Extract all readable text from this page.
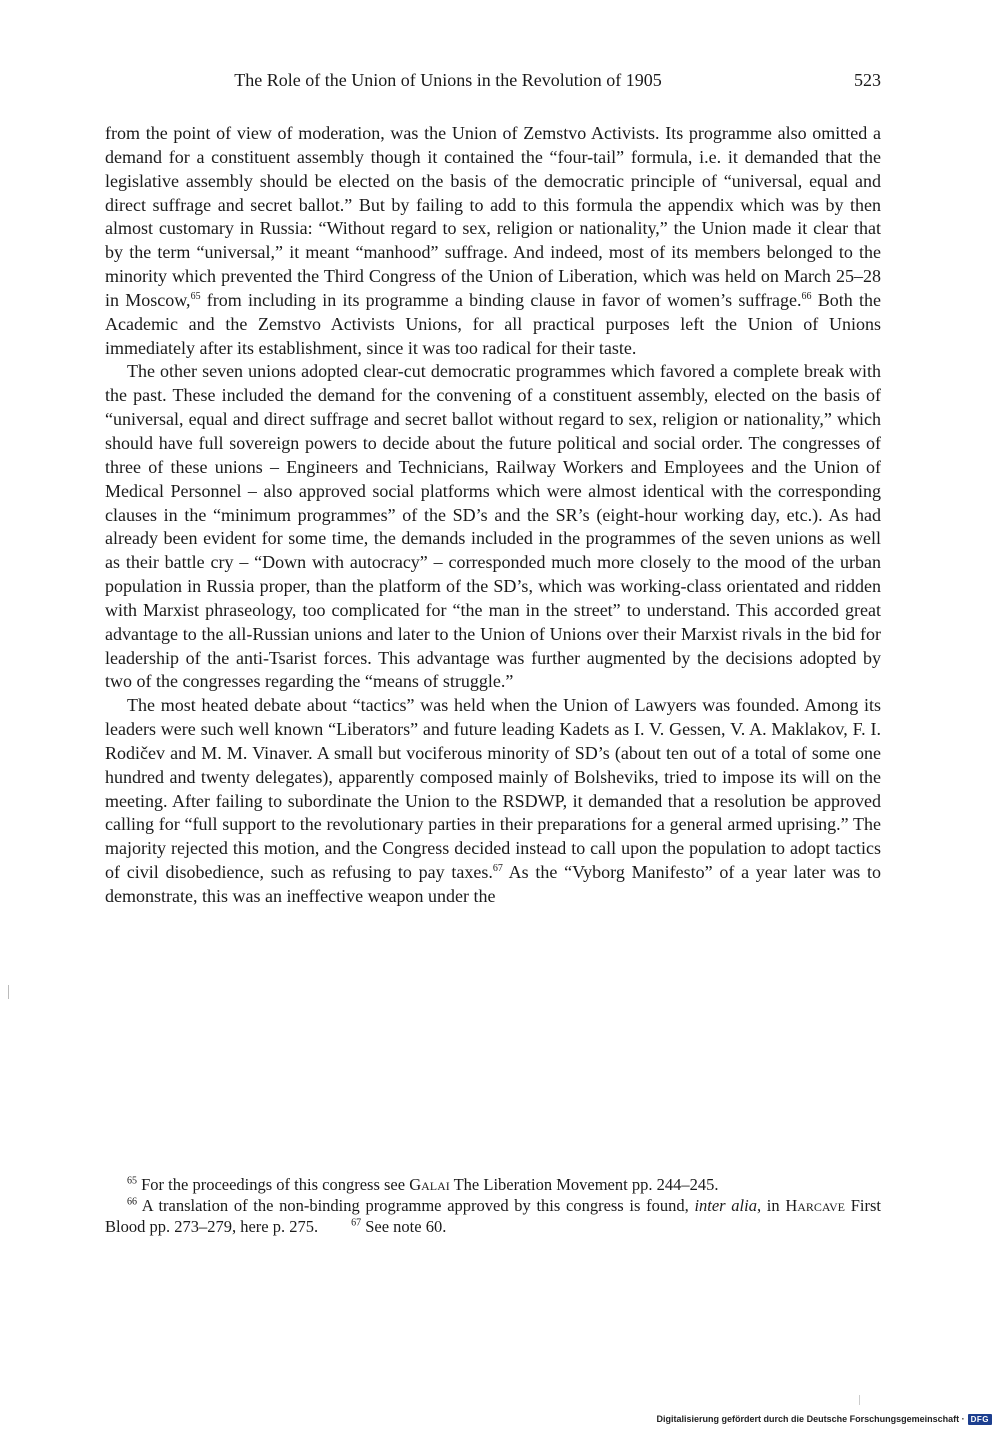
The Role of the Union of Unions in the Revolution of 1905	523

from the point of view of moderation, was the Union of Zemstvo Activists. Its programme also omitted a demand for a constituent assembly though it contained the “four-tail” formula, i.e. it demanded that the legislative assembly should be elected on the basis of the democratic principle of “universal, equal and direct suffrage and secret ballot.” But by failing to add to this formula the appendix which was by then almost customary in Russia: “Without regard to sex, religion or nationality,” the Union made it clear that by the term “universal,” it meant “manhood” suffrage. And indeed, most of its members belonged to the minority which prevented the Third Congress of the Union of Liberation, which was held on March 25–28 in Moscow,$^{65}$ from including in its programme a binding clause in favor of women’s suffrage.$^{66}$ Both the Academic and the Zemstvo Activists Unions, for all practical purposes left the Union of Unions immediately after its establishment, since it was too radical for their taste.

The other seven unions adopted clear-cut democratic programmes which favored a complete break with the past. These included the demand for the convening of a constituent assembly, elected on the basis of “universal, equal and direct suffrage and secret ballot without regard to sex, religion or nationality,” which should have full sovereign powers to decide about the future political and social order. The congresses of three of these unions – Engineers and Technicians, Railway Workers and Employees and the Union of Medical Personnel – also approved social platforms which were almost identical with the corresponding clauses in the “minimum programmes” of the SD’s and the SR’s (eight-hour working day, etc.). As had already been evident for some time, the demands included in the programmes of the seven unions as well as their battle cry – “Down with autocracy” – corresponded much more closely to the mood of the urban population in Russia proper, than the platform of the SD’s, which was working-class orientated and ridden with Marxist phraseology, too complicated for “the man in the street” to understand. This accorded great advantage to the all-Russian unions and later to the Union of Unions over their Marxist rivals in the bid for leadership of the anti-Tsarist forces. This advantage was further augmented by the decisions adopted by two of the congresses regarding the “means of struggle.”

The most heated debate about “tactics” was held when the Union of Lawyers was founded. Among its leaders were such well known “Liberators” and future leading Kadets as I. V. Gessen, V. A. Maklakov, F. I. Rodičev and M. M. Vinaver. A small but vociferous minority of SD’s (about ten out of a total of some one hundred and twenty delegates), apparently composed mainly of Bolsheviks, tried to impose its will on the meeting. After failing to subordinate the Union to the RSDWP, it demanded that a resolution be approved calling for “full support to the revolutionary parties in their preparations for a general armed uprising.” The majority rejected this motion, and the Congress decided instead to call upon the population to adopt tactics of civil disobedience, such as refusing to pay taxes.$^{67}$ As the “Vyborg Manifesto” of a year later was to demonstrate, this was an ineffective weapon under the

$^{65}$ For the proceedings of this congress see Galai The Liberation Movement pp. 244–245.

$^{66}$ A translation of the non-binding programme approved by this congress is found, inter alia, in Harcave First Blood pp. 273–279, here p. 275.	$^{67}$ See note 60.

Digitalisierung gefördert durch die Deutsche Forschungsgemeinschaft · DFG
